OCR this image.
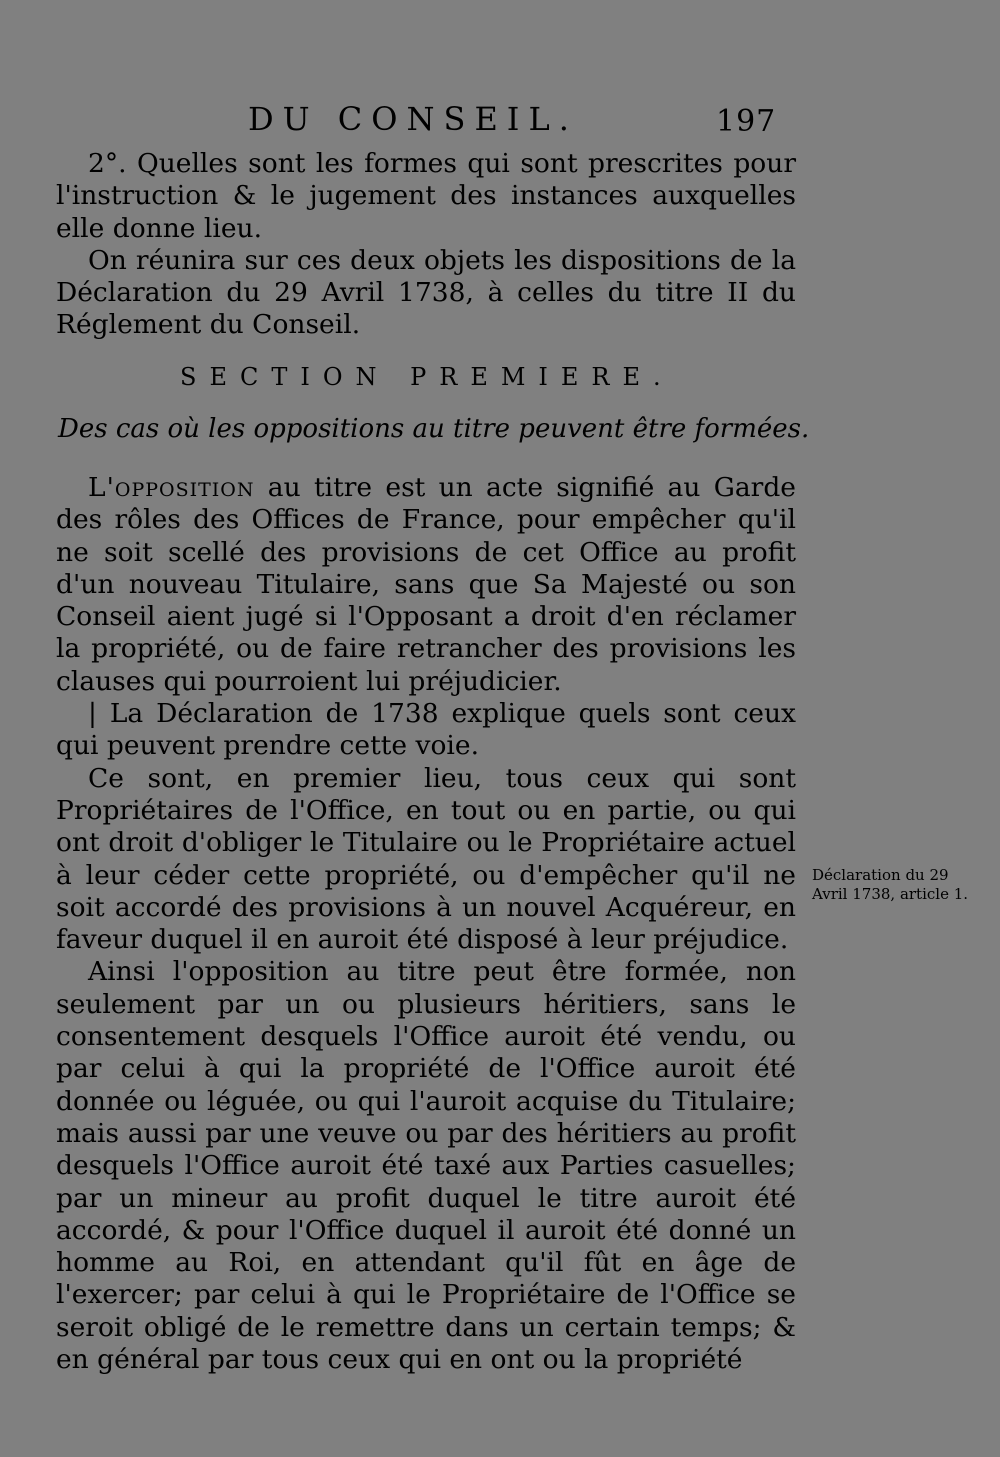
DU CONSEIL.	197

2°. Quelles sont les formes qui sont prescrites pour l'instruction & le jugement des instances auxquelles elle donne lieu.

On réunira sur ces deux objets les dispositions de la Déclaration du 29 Avril 1738, à celles du titre II du Réglement du Conseil.

SECTION PREMIERE.
Des cas où les oppositions au titre peuvent être formées.

L'opposition au titre est un acte signifié au Garde des rôles des Offices de France, pour empêcher qu'il ne soit scellé des provisions de cet Office au profit d'un nouveau Titulaire, sans que Sa Majesté ou son Conseil aient jugé si l'Opposant a droit d'en réclamer la propriété, ou de faire retrancher des provisions les clauses qui pourroient lui préjudicier.

| La Déclaration de 1738 explique quels sont ceux qui peuvent prendre cette voie.

Ce sont, en premier lieu, tous ceux qui sont Propriétaires de l'Office, en tout ou en partie, ou qui ont droit d'obliger le Titulaire ou le Propriétaire actuel à leur céder cette propriété, ou d'empêcher qu'il ne soit accordé des provisions à un nouvel Acquéreur, en faveur duquel il en auroit été disposé à leur préjudice.

Ainsi l'opposition au titre peut être formée, non seulement par un ou plusieurs héritiers, sans le consentement desquels l'Office auroit été vendu, ou par celui à qui la propriété de l'Office auroit été donnée ou léguée, ou qui l'auroit acquise du Titulaire; mais aussi par une veuve ou par des héritiers au profit desquels l'Office auroit été taxé aux Parties casuelles; par un mineur au profit duquel le titre auroit été accordé, & pour l'Office duquel il auroit été donné un homme au Roi, en attendant qu'il fût en âge de l'exercer; par celui à qui le Propriétaire de l'Office se seroit obligé de le remettre dans un certain temps; & en général par tous ceux qui en ont ou la propriété

Déclaration du 29 Avril 1738, article 1.
